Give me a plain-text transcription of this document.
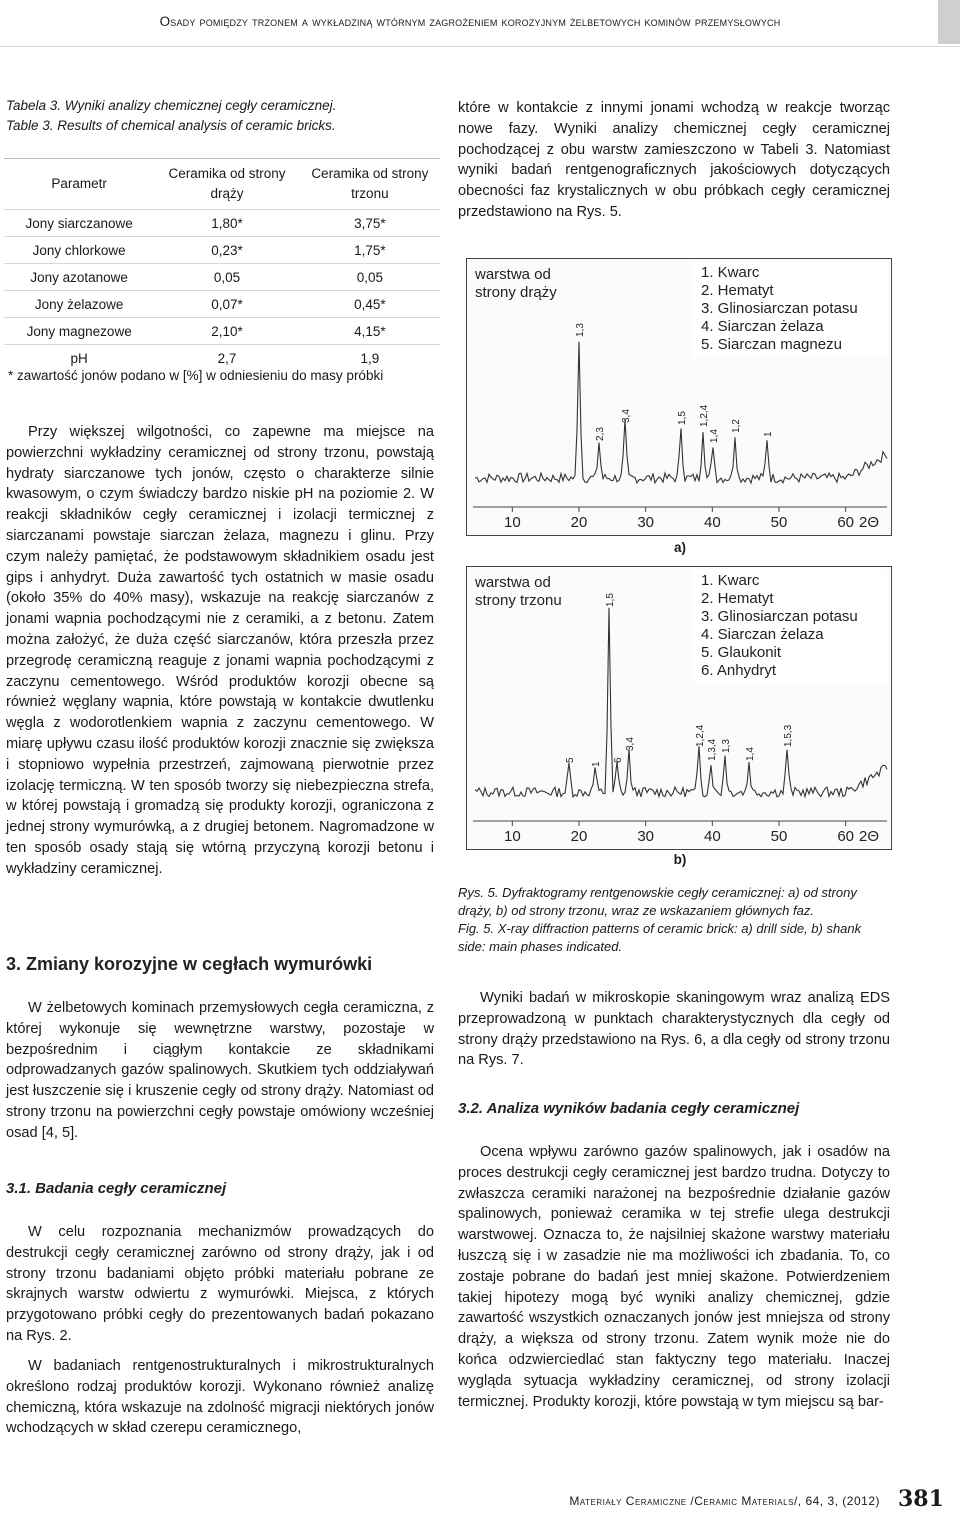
Osady pomiędzy trzonem a wykładziną wtórnym zagrożeniem korozyjnym żelbetowych kominów przemysłowych
Tabela 3. Wyniki analizy chemicznej cegły ceramicznej.
Table 3. Results of chemical analysis of ceramic bricks.
Parametr	Ceramika od strony drąży	Ceramika od strony trzonu
Jony siarczanowe	1,80*	3,75*
Jony chlorkowe	0,23*	1,75*
Jony azotanowe	0,05	0,05
Jony żelazowe	0,07*	0,45*
Jony magnezowe	2,10*	4,15*
pH	2,7	1,9
* zawartość jonów podano w [%] w odniesieniu do masy próbki

które w kontakcie z innymi jonami wchodzą w reakcje tworząc nowe fazy. Wyniki analizy chemicznej cegły ceramicznej pochodzącej z obu warstw zamieszczono w Tabeli 3. Natomiast wyniki badań rentgenograficznych jakościowych dotyczących obecności faz krystalicznych w obu próbkach cegły ceramicznej przedstawiono na Rys. 5.

Przy większej wilgotności, co zapewne ma miejsce na powierzchni wykładziny ceramicznej od strony trzonu, powstają hydraty siarczanowe tych jonów, często o charakterze silnie kwasowym, o czym świadczy bardzo niskie pH na poziomie 2. W reakcji składników cegły ceramicznej i izolacji termicznej z siarczanami powstaje siarczan żelaza, magnezu i glinu. Przy czym należy pamiętać, że podstawowym składnikiem osadu jest gips i anhydryt. Duża zawartość tych ostatnich w masie osadu (około 35% do 40% masy), wskazuje na reakcję siarczanów z jonami wapnia pochodzącymi nie z ceramiki, a z betonu. Zatem można założyć, że duża część siarczanów, która przeszła przez przegrodę ceramiczną reaguje z jonami wapnia pochodzącymi z zaczynu cementowego. Wśród produktów korozji obecne są również węglany wapnia, które powstają w kontakcie dwutlenku węgla z wodorotlenkiem wapnia z zaczynu cementowego. W miarę upływu czasu ilość produktów korozji znacznie się zwiększa i stopniowo wypełnia przestrzeń, zajmowaną pierwotnie przez izolację termiczną. W ten sposób tworzy się niebezpieczna strefa, w której powstają i gromadzą się produkty korozji, ograniczona z jednej strony wymurówką, a z drugiej betonem. Nagromadzone w ten sposób osady stają się wtórną przyczyną korozji betonu i wykładziny ceramicznej.

3. Zmiany korozyjne w cegłach wymurówki

W żelbetowych kominach przemysłowych cegła ceramiczna, z której wykonuje się wewnętrzne warstwy, pozostaje w bezpośrednim i ciągłym kontakcie ze składnikami odprowadzanych gazów spalinowych. Skutkiem tych oddziaływań jest łuszczenie się i kruszenie cegły od strony drąży. Natomiast od strony trzonu na powierzchni cegły powstaje omówiony wcześniej osad [4, 5].

3.1. Badania cegły ceramicznej

W celu rozpoznania mechanizmów prowadzących do destrukcji cegły ceramicznej zarówno od strony drąży, jak i od strony trzonu badaniami objęto próbki materiału pobrane ze skrajnych warstw odwiertu z wymurówki. Miejsca, z których przygotowano próbki cegły do prezentowanych badań pokazano na Rys. 2.

W badaniach rentgenostrukturalnych i mikrostrukturalnych określono rodzaj produktów korozji. Wykonano również analizę chemiczną, która wskazuje na zdolność migracji niektórych jonów wchodzących w skład czerepu ceramicznego,

warstwa od
strony drąży
1. Kwarc
2. Hematyt
3. Glinosiarczan potasu
4. Siarczan żelaza
5. Siarczan magnezu
1,3
2,3
3,4	1,5 1,2,4
1,4
1,2
1
10	20	30	40	50	60 2Θ
a)
warstwa od
strony trzonu
1. Kwarc
2. Hematyt
3. Glinosiarczan potasu
4. Siarczan żelaza
5. Glaukonit
6. Anhydryt
1,5
5
1
6
3,4	1,2,4
1,3,4 1,3
1,4
1,5,3
10	20	30	40	50	60 2Θ
b)
Rys. 5. Dyfraktogramy rentgenowskie cegły ceramicznej: a) od strony drąży, b) od strony trzonu, wraz ze wskazaniem głównych faz.
Fig. 5. X-ray diffraction patterns of ceramic brick: a) drill side, b) shank side: main phases indicated.

Wyniki badań w mikroskopie skaningowym wraz analizą EDS przeprowadzoną w punktach charakterystycznych dla cegły od strony drąży przedstawiono na Rys. 6, a dla cegły od strony trzonu na Rys. 7.

3.2. Analiza wyników badania cegły ceramicznej

Ocena wpływu zarówno gazów spalinowych, jak i osadów na proces destrukcji cegły ceramicznej jest bardzo trudna. Dotyczy to zwłaszcza ceramiki narażonej na bezpośrednie działanie gazów spalinowych, ponieważ ceramika w tej strefie ulega destrukcji warstwowej. Oznacza to, że najsilniej skażone warstwy materiału łuszczą się i w zasadzie nie ma możliwości ich zbadania. To, co zostaje pobrane do badań jest mniej skażone. Potwierdzeniem takiej hipotezy mogą być wyniki analizy chemicznej, gdzie zawartość wszystkich oznaczanych jonów jest mniejsza od strony drąży, a większa od strony trzonu. Zatem wynik może nie do końca odzwierciedlać stan faktyczny tego materiału. Inaczej wygląda sytuacja wykładziny ceramicznej, od strony izolacji termicznej. Produkty korozji, które powstają w tym miejscu są bar-

Materiały Ceramiczne /Ceramic Materials/, 64, 3, (2012) 381
